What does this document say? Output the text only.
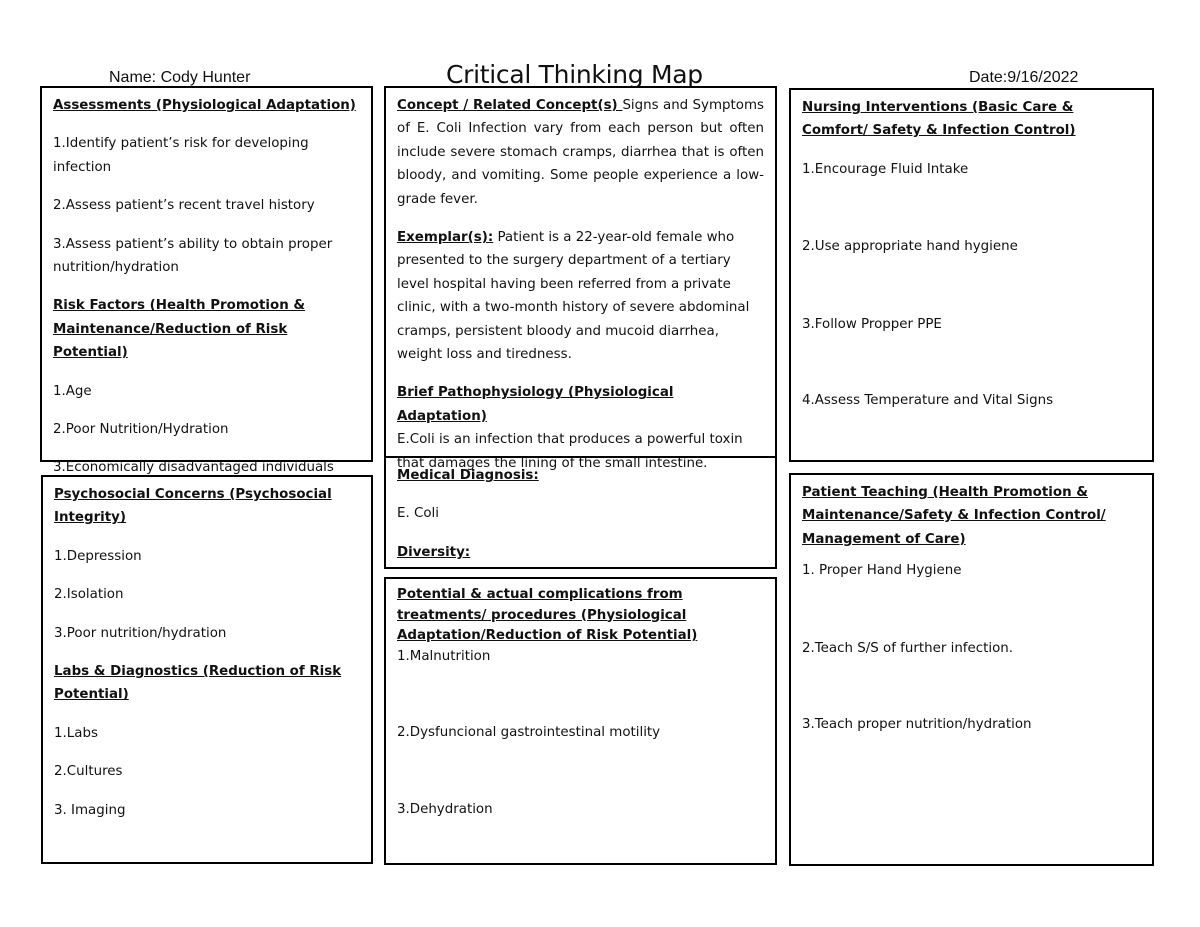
Name: Cody Hunter	Critical Thinking Map	Date:9/16/2022

Assessments (Physiological Adaptation)

1.Identify patient’s risk for developing infection

2.Assess patient’s recent travel history

3.Assess patient’s ability to obtain proper nutrition/hydration

Risk Factors (Health Promotion & Maintenance/Reduction of Risk Potential)

1.Age

2.Poor Nutrition/Hydration

3.Economically disadvantaged individuals

Concept / Related Concept(s) Signs and Symptoms of E. Coli Infection vary from each person but often include severe stomach cramps, diarrhea that is often bloody, and vomiting. Some people experience a low-grade fever.

Exemplar(s): Patient is a 22-year-old female who presented to the surgery department of a tertiary level hospital having been referred from a private clinic, with a two-month history of severe abdominal cramps, persistent bloody and mucoid diarrhea, weight loss and tiredness.

Brief Pathophysiology (Physiological Adaptation)

E.Coli is an infection that produces a powerful toxin that damages the lining of the small intestine.

Medical Diagnosis:

E. Coli

Diversity:

Nursing Interventions (Basic Care & Comfort/ Safety & Infection Control)

1.Encourage Fluid Intake

2.Use appropriate hand hygiene

3.Follow Propper PPE

4.Assess Temperature and Vital Signs

Psychosocial Concerns (Psychosocial Integrity)

1.Depression

2.Isolation

3.Poor nutrition/hydration

Labs & Diagnostics (Reduction of Risk Potential)

1.Labs

2.Cultures

3. Imaging

Potential & actual complications from treatments/ procedures (Physiological Adaptation/Reduction of Risk Potential)

1.Malnutrition

2.Dysfuncional gastrointestinal motility

3.Dehydration

Patient Teaching (Health Promotion & Maintenance/Safety & Infection Control/ Management of Care)

1. Proper Hand Hygiene

2.Teach S/S of further infection.

3.Teach proper nutrition/hydration
